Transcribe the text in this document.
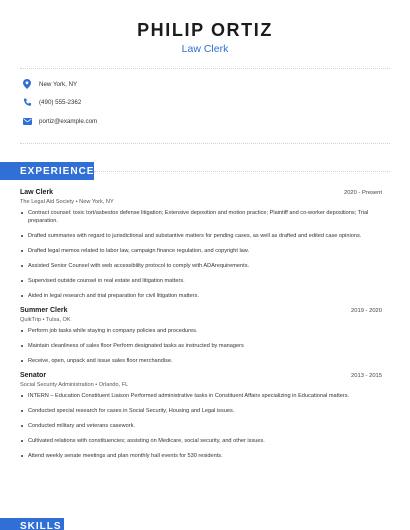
PHILIP ORTIZ
Law Clerk
New York, NY
(490) 555-2362
portiz@example.com
EXPERIENCE
Law Clerk	2020 - Present
The Legal Aid Society • New York, NY
Contract counsel: toxic tort/asbestos defense litigation; Extensive deposition and motion practice; Plaintiff and co-worker depositions; Trial preparation.
Drafted summaries with regard to jurisdictional and substantive matters for pending cases, as well as drafted and edited case opinions.
Drafted legal memos related to labor law, campaign finance regulation, and copyright law.
Assisted Senior Counsel with web accessibility protocol to comply with ADArequirements.
Supervised outside counsel in real estate and litigation matters.
Aided in legal research and trial preparation for civil litigation matters.
Summer Clerk	2019 - 2020
QuikTrip • Tulsa, OK
Perform job tasks while staying in company policies and procedures.
Maintain cleanliness of sales floor Perform designated tasks as instructed by managers
Receive, open, unpack and issue sales floor merchandise.
Senator	2013 - 2015
Social Security Administration • Orlando, FL
INTERN – Education Constituent Liaison Performed administrative tasks in Constituent Affairs specializing in Educational matters.
Conducted special research for cases in Social Security, Housing and Legal issues.
Conducted military and veterans casework.
Cultivated relations with constituencies; assisting on Medicare, social security, and other issues.
Attend weekly senate meetings and plan monthly hall events for 530 residents.
SKILLS
